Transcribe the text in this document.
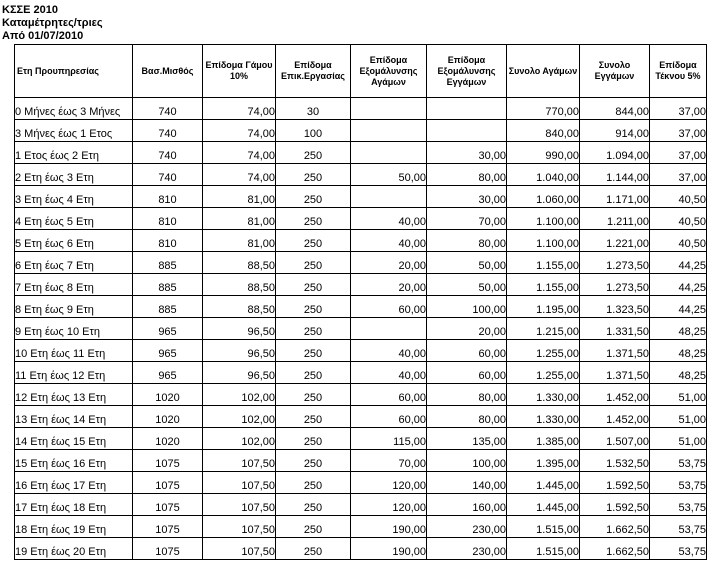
ΚΣΣΕ 2010
Καταμέτρητες/τριες
Από 01/07/2010
Ετη Προυπηρεσίας	Βασ.Μισθός	Επίδομα Γάμου 10%	Επίδομα Επικ.Εργασίας	Επίδομα Εξομάλυνσης Αγάμων	Επίδομα Εξομάλυνσης Εγγάμων	Συνολο Αγάμων	Συνολο Εγγάμων	Επίδομα Τέκνου 5%
0 Μήνες έως 3 Μήνες	740	74,00	30			770,00	844,00	37,00
3 Μήνες έως 1 Ετος	740	74,00	100			840,00	914,00	37,00
1 Ετος έως 2 Ετη	740	74,00	250		30,00	990,00	1.094,00	37,00
2 Ετη έως 3 Ετη	740	74,00	250	50,00	80,00	1.040,00	1.144,00	37,00
3 Ετη έως 4 Ετη	810	81,00	250		30,00	1.060,00	1.171,00	40,50
4 Ετη έως 5 Ετη	810	81,00	250	40,00	70,00	1.100,00	1.211,00	40,50
5 Ετη έως 6 Ετη	810	81,00	250	40,00	80,00	1.100,00	1.221,00	40,50
6 Ετη έως 7 Ετη	885	88,50	250	20,00	50,00	1.155,00	1.273,50	44,25
7 Ετη έως 8 Ετη	885	88,50	250	20,00	50,00	1.155,00	1.273,50	44,25
8 Ετη έως 9 Ετη	885	88,50	250	60,00	100,00	1.195,00	1.323,50	44,25
9 Ετη έως 10 Ετη	965	96,50	250		20,00	1.215,00	1.331,50	48,25
10 Ετη έως 11 Ετη	965	96,50	250	40,00	60,00	1.255,00	1.371,50	48,25
11 Ετη έως 12 Ετη	965	96,50	250	40,00	60,00	1.255,00	1.371,50	48,25
12 Ετη έως 13 Ετη	1020	102,00	250	60,00	80,00	1.330,00	1.452,00	51,00
13 Ετη έως 14 Ετη	1020	102,00	250	60,00	80,00	1.330,00	1.452,00	51,00
14 Ετη έως 15 Ετη	1020	102,00	250	115,00	135,00	1.385,00	1.507,00	51,00
15 Ετη έως 16 Ετη	1075	107,50	250	70,00	100,00	1.395,00	1.532,50	53,75
16 Ετη έως 17 Ετη	1075	107,50	250	120,00	140,00	1.445,00	1.592,50	53,75
17 Ετη έως 18 Ετη	1075	107,50	250	120,00	160,00	1.445,00	1.592,50	53,75
18 Ετη έως 19 Ετη	1075	107,50	250	190,00	230,00	1.515,00	1.662,50	53,75
19 Ετη έως 20 Ετη	1075	107,50	250	190,00	230,00	1.515,00	1.662,50	53,75
